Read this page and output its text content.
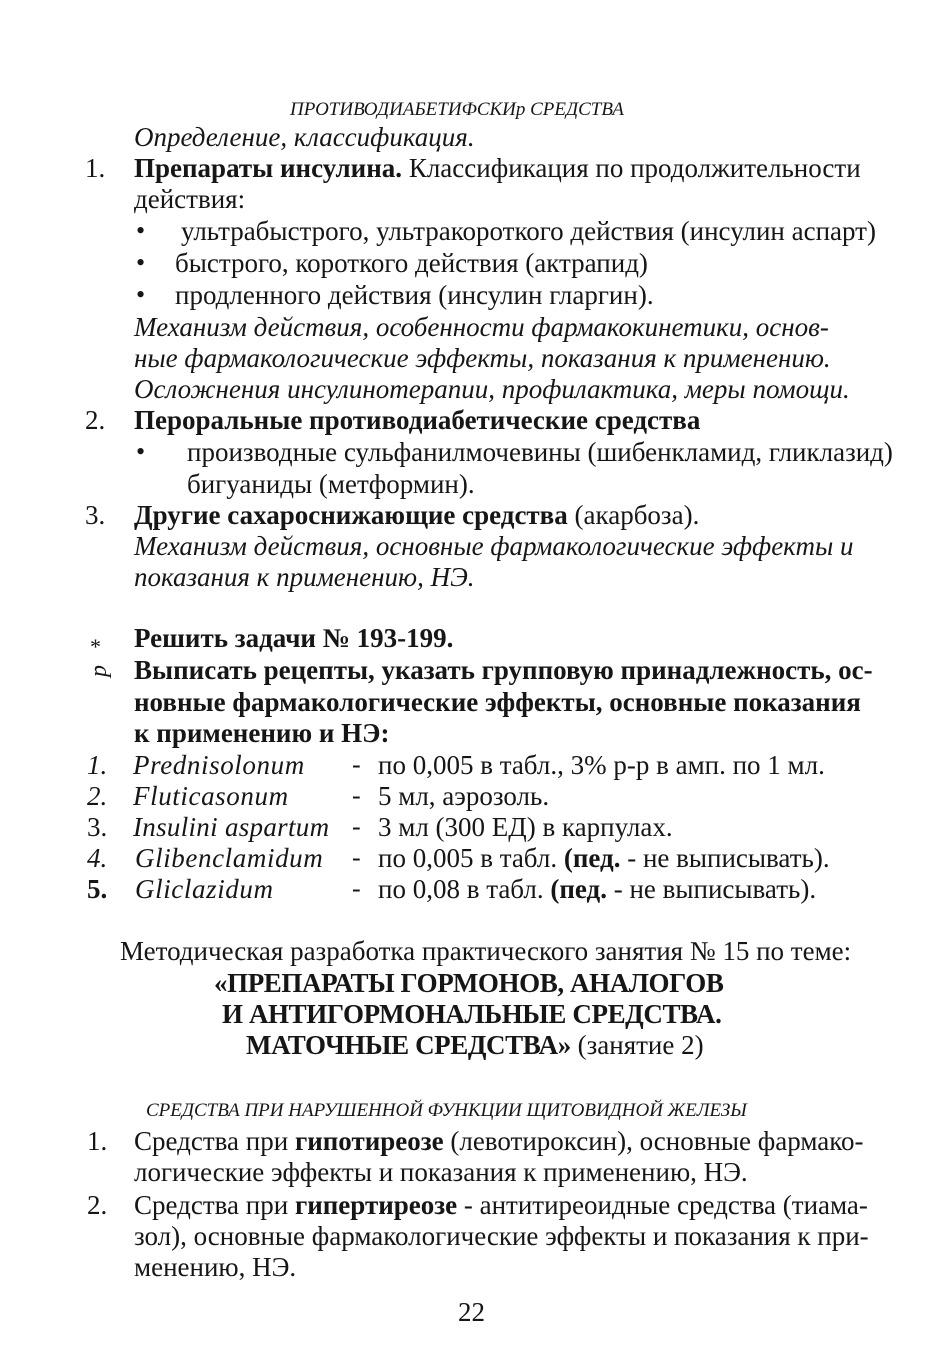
ПРОТИВОДИАБЕТИФСКИр СРЕДСТВА
Определение, классификация.
1. Препараты инсулина. Классификация по продолжительности
действия:
• ультрабыстрого, ультракороткого действия (инсулин аспарт)
• быстрого, короткого действия (актрапид)
• продленного действия (инсулин гларгин).
Механизм действия, особенности фармакокинетики, основ-
ные фармакологические эффекты, показания к применению.
Осложнения инсулинотерапии, профилактика, меры помощи.
2. Пероральные противодиабетические средства
• производные сульфанилмочевины (шибенкламид, гликлазид)
бигуаниды (метформин).
3. Другие сахароснижающие средства (акарбоза).
Механизм действия, основные фармакологические эффекты и
показания к применению, НЭ.
*
p
Решить задачи № 193-199.
Выписать рецепты, указать групповую принадлежность, ос-
новные фармакологические эффекты, основные показания
к применению и НЭ:
1. Prednisolonum - по 0,005 в табл., 3% р-р в амп. по 1 мл.
2. Fluticasonum - 5 мл, аэрозоль.
3. Insulini aspartum - 3 мл (300 ЕД) в карпулах.
4. Glibenclamidum - по 0,005 в табл. (пед. - не выписывать).
5. Gliclazidum	- по 0,08 в табл. (пед. - не выписывать).
Методическая разработка практического занятия № 15 по теме:
«ПРЕПАРАТЫ ГОРМОНОВ, АНАЛОГОВ
И АНТИГОРМОНАЛЬНЫЕ СРЕДСТВА.
МАТОЧНЫЕ СРЕДСТВА» (занятие 2)
СРЕДСТВА ПРИ НАРУШЕННОЙ ФУНКЦИИ ЩИТОВИДНОЙ ЖЕЛЕЗЫ
1. Средства при гипотиреозе (левотироксин), основные фармако-
логические эффекты и показания к применению, НЭ.
2. Средства при гипертиреозе - антитиреоидные средства (тиама-
зол), основные фармакологические эффекты и показания к при-
менению, НЭ.
22
